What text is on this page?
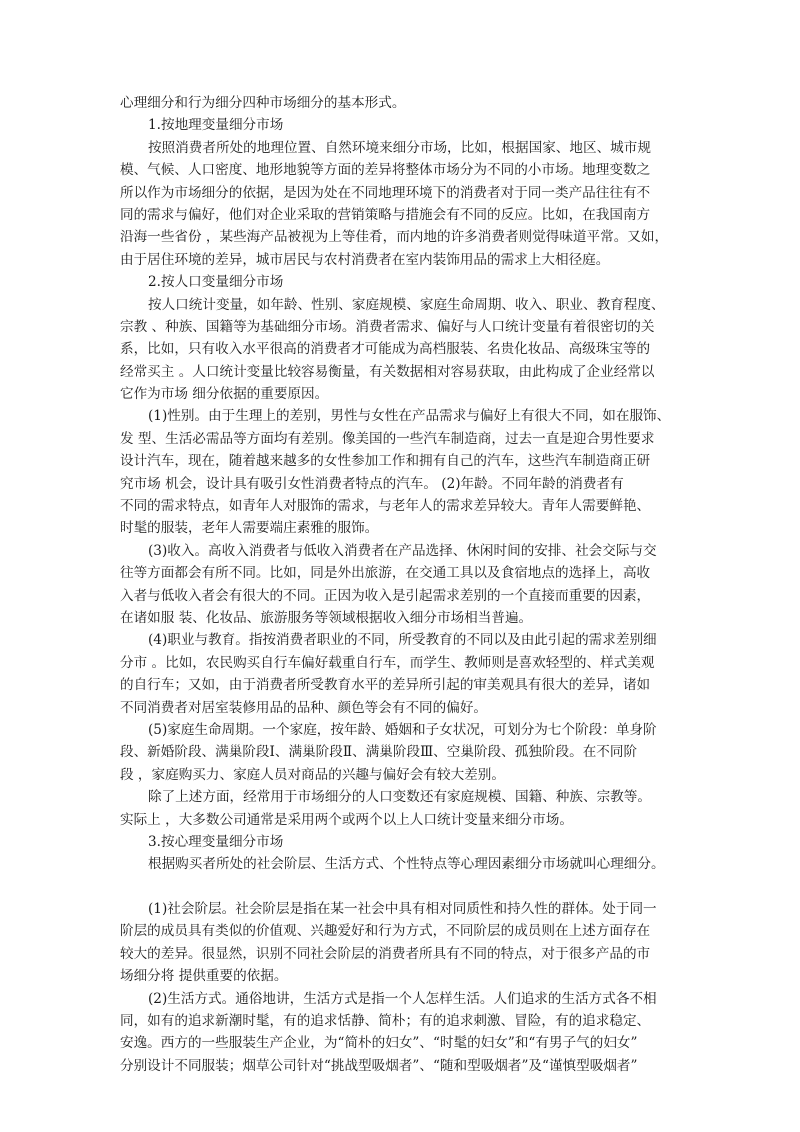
心理细分和行为细分四种市场细分的基本形式。
1.按地理变量细分市场
按照消费者所处的地理位置、自然环境来细分市场，比如，根据国家、地区、城市规
模、气候、人口密度、地形地貌等方面的差异将整体市场分为不同的小市场。地理变数之
所以作为市场细分的依据，是因为处在不同地理环境下的消费者对于同一类产品往往有不
同的需求与偏好，他们对企业采取的营销策略与措施会有不同的反应。比如，在我国南方
沿海一些省份 ，某些海产品被视为上等佳肴，而内地的许多消费者则觉得味道平常。又如，
由于居住环境的差异，城市居民与农村消费者在室内装饰用品的需求上大相径庭。
2.按人口变量细分市场
按人口统计变量，如年龄、性别、家庭规模、家庭生命周期、收入、职业、教育程度、
宗教 、种族、国籍等为基础细分市场。消费者需求、偏好与人口统计变量有着很密切的关
系，比如，只有收入水平很高的消费者才可能成为高档服装、名贵化妆品、高级珠宝等的
经常买主 。人口统计变量比较容易衡量，有关数据相对容易获取，由此构成了企业经常以
它作为市场 细分依据的重要原因。
(1)性别。由于生理上的差别，男性与女性在产品需求与偏好上有很大不同，如在服饰、
发 型、生活必需品等方面均有差别。像美国的一些汽车制造商，过去一直是迎合男性要求
设计汽车，现在，随着越来越多的女性参加工作和拥有自己的汽车，这些汽车制造商正研
究市场 机会，设计具有吸引女性消费者特点的汽车。 (2)年龄。不同年龄的消费者有
不同的需求特点，如青年人对服饰的需求，与老年人的需求差异较大。青年人需要鲜艳、
时髦的服装，老年人需要端庄素雅的服饰。
(3)收入。高收入消费者与低收入消费者在产品选择、休闲时间的安排、社会交际与交
往等方面都会有所不同。比如，同是外出旅游，在交通工具以及食宿地点的选择上，高收
入者与低收入者会有很大的不同。正因为收入是引起需求差别的一个直接而重要的因素，
在诸如服 装、化妆品、旅游服务等领域根据收入细分市场相当普遍。
(4)职业与教育。指按消费者职业的不同，所受教育的不同以及由此引起的需求差别细
分市 。比如，农民购买自行车偏好载重自行车，而学生、教师则是喜欢轻型的、样式美观
的自行车；又如，由于消费者所受教育水平的差异所引起的审美观具有很大的差异，诸如
不同消费者对居室装修用品的品种、颜色等会有不同的偏好。
(5)家庭生命周期。一个家庭，按年龄、婚姻和子女状况，可划分为七个阶段：单身阶
段、新婚阶段、满巢阶段Ⅰ、满巢阶段Ⅱ、满巢阶段Ⅲ、空巢阶段、孤独阶段。在不同阶
段 ，家庭购买力、家庭人员对商品的兴趣与偏好会有较大差别。
除了上述方面，经常用于市场细分的人口变数还有家庭规模、国籍、种族、宗教等。
实际上 ，大多数公司通常是采用两个或两个以上人口统计变量来细分市场。
3.按心理变量细分市场
根据购买者所处的社会阶层、生活方式、个性特点等心理因素细分市场就叫心理细分。
(1)社会阶层。社会阶层是指在某一社会中具有相对同质性和持久性的群体。处于同一
阶层的成员具有类似的价值观、兴趣爱好和行为方式，不同阶层的成员则在上述方面存在
较大的差异。很显然，识别不同社会阶层的消费者所具有不同的特点，对于很多产品的市
场细分将 提供重要的依据。
(2)生活方式。通俗地讲，生活方式是指一个人怎样生活。人们追求的生活方式各不相
同，如有的追求新潮时髦，有的追求恬静、简朴；有的追求刺激、冒险，有的追求稳定、
安逸。西方的一些服装生产企业，为“简朴的妇女”、“时髦的妇女”和“有男子气的妇女”
分别设计不同服装；烟草公司针对“挑战型吸烟者”、“随和型吸烟者”及“谨慎型吸烟者”
